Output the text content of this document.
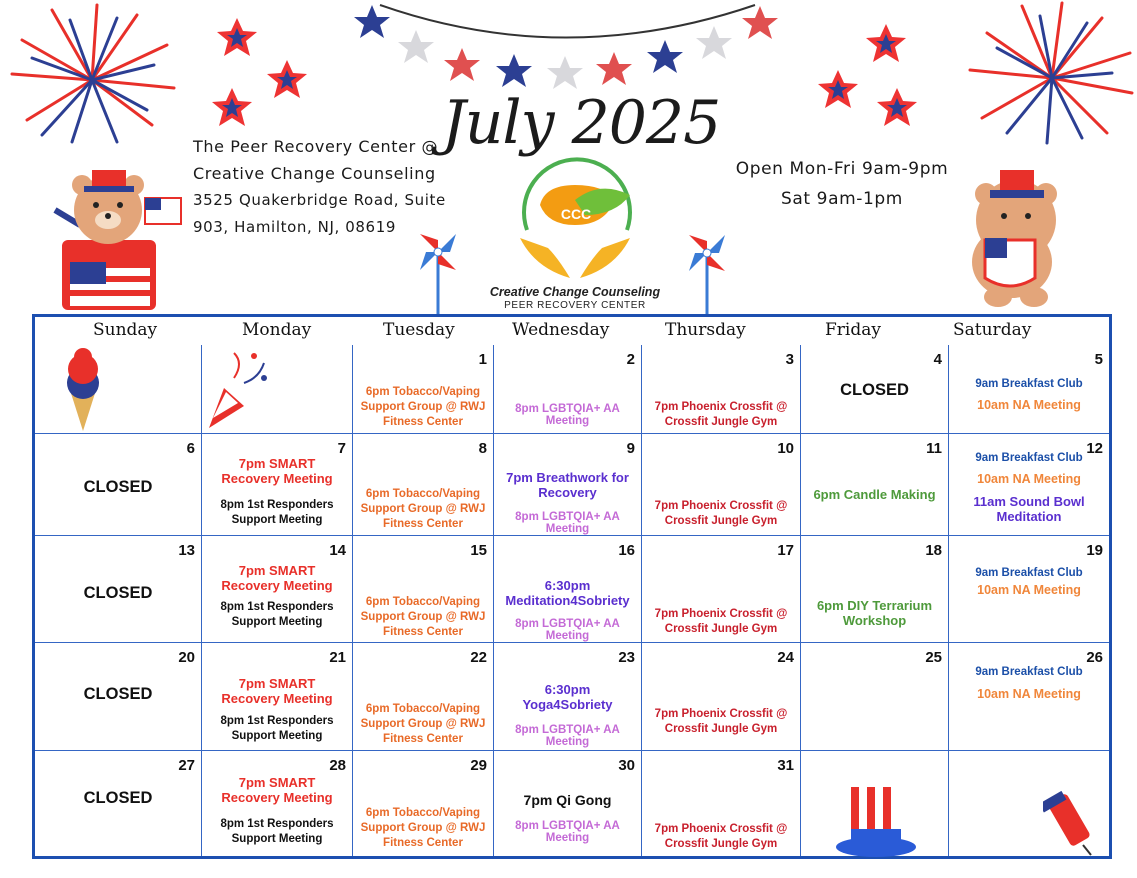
CCC
The Peer Recovery Center @
Creative Change Counseling
3525 Quakerbridge Road, Suite
903, Hamilton, NJ, 08619
July 2025
Open Mon-Fri 9am-9pm
Sat 9am-1pm
Creative Change Counseling
PEER RECOVERY CENTER
Sunday	Monday	Tuesday	Wednesday	Thursday	Friday	Saturday
1
6pm Tobacco/Vaping Support Group @ RWJ Fitness Center
2
8pm LGBTQIA+ AA Meeting
3
7pm Phoenix Crossfit @ Crossfit Jungle Gym
4
CLOSED
5
9am Breakfast Club
10am NA Meeting
6
CLOSED
7
7pm SMART Recovery Meeting
8pm 1st Responders Support Meeting
8
6pm Tobacco/Vaping Support Group @ RWJ Fitness Center
9
7pm Breathwork for Recovery
8pm LGBTQIA+ AA Meeting
10
7pm Phoenix Crossfit @ Crossfit Jungle Gym
11
6pm Candle Making
12
9am Breakfast Club
10am NA Meeting
11am Sound Bowl Meditation
13
CLOSED
14
7pm SMART Recovery Meeting
8pm 1st Responders Support Meeting
15
6pm Tobacco/Vaping Support Group @ RWJ Fitness Center
16
6:30pm Meditation4Sobriety
8pm LGBTQIA+ AA Meeting
17
7pm Phoenix Crossfit @ Crossfit Jungle Gym
18
6pm DIY Terrarium Workshop
19
9am Breakfast Club
10am NA Meeting
20
CLOSED
21
7pm SMART Recovery Meeting
8pm 1st Responders Support Meeting
22
6pm Tobacco/Vaping Support Group @ RWJ Fitness Center
23
6:30pm Yoga4Sobriety
8pm LGBTQIA+ AA Meeting
24
7pm Phoenix Crossfit @ Crossfit Jungle Gym
25	26
9am Breakfast Club
10am NA Meeting
27
CLOSED
28
7pm SMART Recovery Meeting
8pm 1st Responders Support Meeting
29
6pm Tobacco/Vaping Support Group @ RWJ Fitness Center
30
7pm Qi Gong
8pm LGBTQIA+ AA Meeting
31
7pm Phoenix Crossfit @ Crossfit Jungle Gym
